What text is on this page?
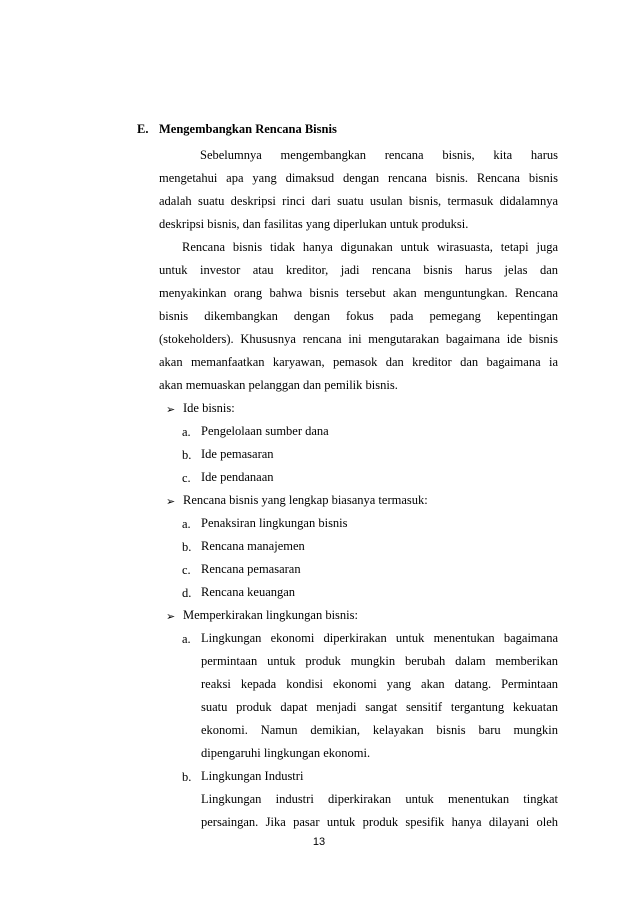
E. Mengembangkan Rencana Bisnis
Sebelumnya mengembangkan rencana bisnis, kita harus
mengetahui apa yang dimaksud dengan rencana bisnis. Rencana bisnis
adalah suatu deskripsi rinci dari suatu usulan bisnis, termasuk didalamnya
deskripsi bisnis, dan fasilitas yang diperlukan untuk produksi.
Rencana bisnis tidak hanya digunakan untuk wirasuasta, tetapi juga
untuk investor atau kreditor, jadi rencana bisnis harus jelas dan
menyakinkan orang bahwa bisnis tersebut akan menguntungkan. Rencana
bisnis dikembangkan dengan fokus pada pemegang kepentingan
(stokeholders). Khususnya rencana ini mengutarakan bagaimana ide bisnis
akan memanfaatkan karyawan, pemasok dan kreditor dan bagaimana ia
akan memuaskan pelanggan dan pemilik bisnis.
➢ Ide bisnis:
a. Pengelolaan sumber dana
b. Ide pemasaran
c. Ide pendanaan
➢ Rencana bisnis yang lengkap biasanya termasuk:
a. Penaksiran lingkungan bisnis
b. Rencana manajemen
c. Rencana pemasaran
d. Rencana keuangan
➢ Memperkirakan lingkungan bisnis:
a. Lingkungan ekonomi diperkirakan untuk menentukan bagaimana
permintaan untuk produk mungkin berubah dalam memberikan
reaksi kepada kondisi ekonomi yang akan datang. Permintaan
suatu produk dapat menjadi sangat sensitif tergantung kekuatan
ekonomi. Namun demikian, kelayakan bisnis baru mungkin
dipengaruhi lingkungan ekonomi.
b. Lingkungan Industri
Lingkungan industri diperkirakan untuk menentukan tingkat
persaingan. Jika pasar untuk produk spesifik hanya dilayani oleh
13
